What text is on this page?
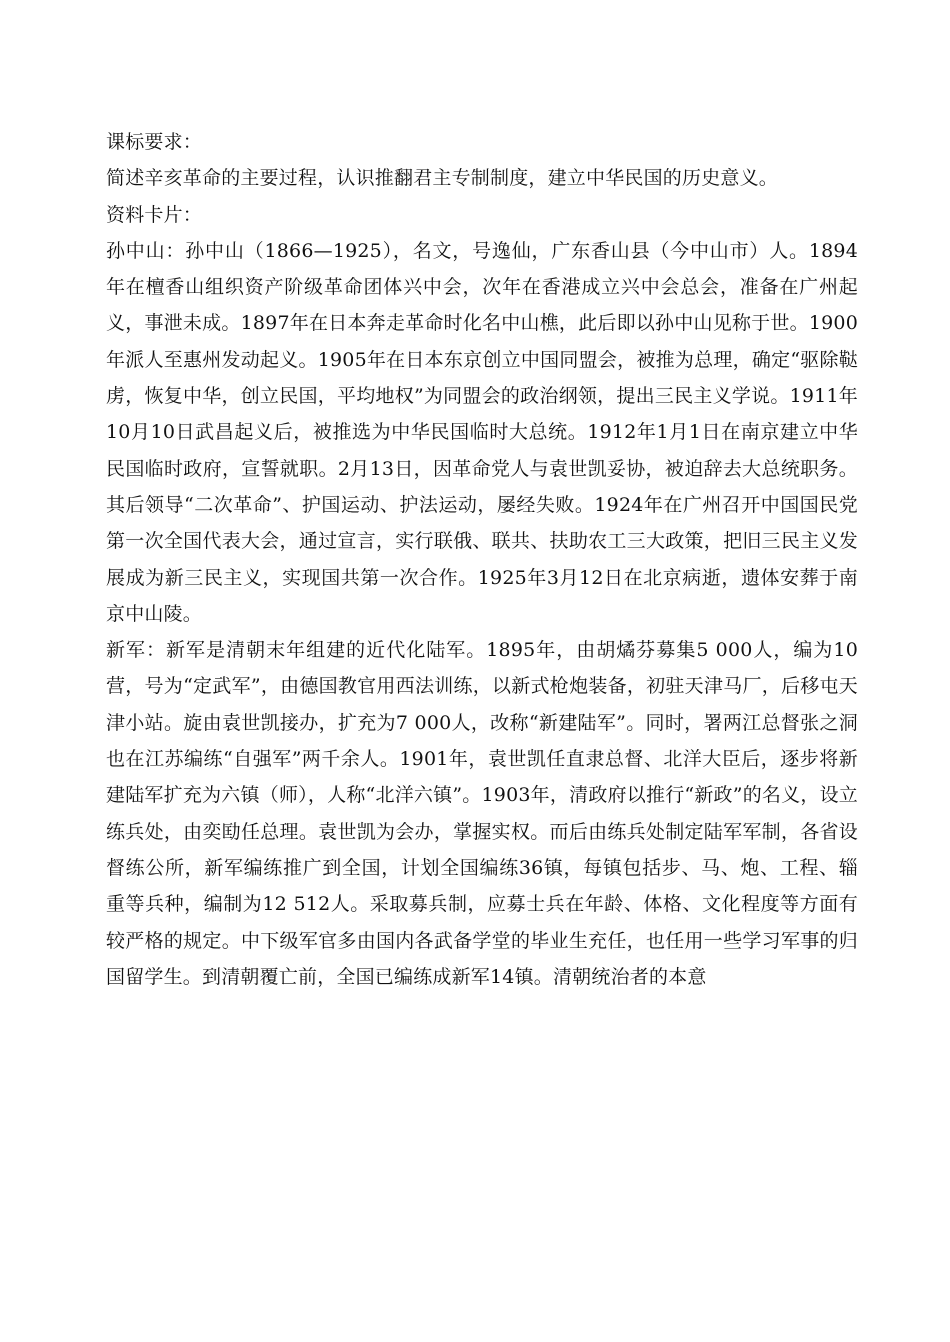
课标要求：

简述辛亥革命的主要过程，认识推翻君主专制制度，建立中华民国的历史意义。

资料卡片：

孙中山：孙中山（1866—1925），名文，号逸仙，广东香山县（今中山市）人。1894年在檀香山组织资产阶级革命团体兴中会，次年在香港成立兴中会总会，准备在广州起义，事泄未成。1897年在日本奔走革命时化名中山樵，此后即以孙中山见称于世。1900年派人至惠州发动起义。1905年在日本东京创立中国同盟会，被推为总理，确定“驱除鞑虏，恢复中华，创立民国，平均地权”为同盟会的政治纲领，提出三民主义学说。1911年10月10日武昌起义后，被推选为中华民国临时大总统。1912年1月1日在南京建立中华民国临时政府，宣誓就职。2月13日，因革命党人与袁世凯妥协，被迫辞去大总统职务。其后领导“二次革命”、护国运动、护法运动，屡经失败。1924年在广州召开中国国民党第一次全国代表大会，通过宣言，实行联俄、联共、扶助农工三大政策，把旧三民主义发展成为新三民主义，实现国共第一次合作。1925年3月12日在北京病逝，遗体安葬于南京中山陵。

新军：新军是清朝末年组建的近代化陆军。1895年，由胡燏芬募集5 000人，编为10营，号为“定武军”，由德国教官用西法训练，以新式枪炮装备，初驻天津马厂，后移屯天津小站。旋由袁世凯接办，扩充为7 000人，改称“新建陆军”。同时，署两江总督张之洞也在江苏编练“自强军”两千余人。1901年，袁世凯任直隶总督、北洋大臣后，逐步将新建陆军扩充为六镇（师），人称“北洋六镇”。1903年，清政府以推行“新政”的名义，设立练兵处，由奕劻任总理。袁世凯为会办，掌握实权。而后由练兵处制定陆军军制，各省设督练公所，新军编练推广到全国，计划全国编练36镇，每镇包括步、马、炮、工程、辎重等兵种，编制为12 512人。采取募兵制，应募士兵在年龄、体格、文化程度等方面有较严格的规定。中下级军官多由国内各武备学堂的毕业生充任，也任用一些学习军事的归国留学生。到清朝覆亡前，全国已编练成新军14镇。清朝统治者的本意
